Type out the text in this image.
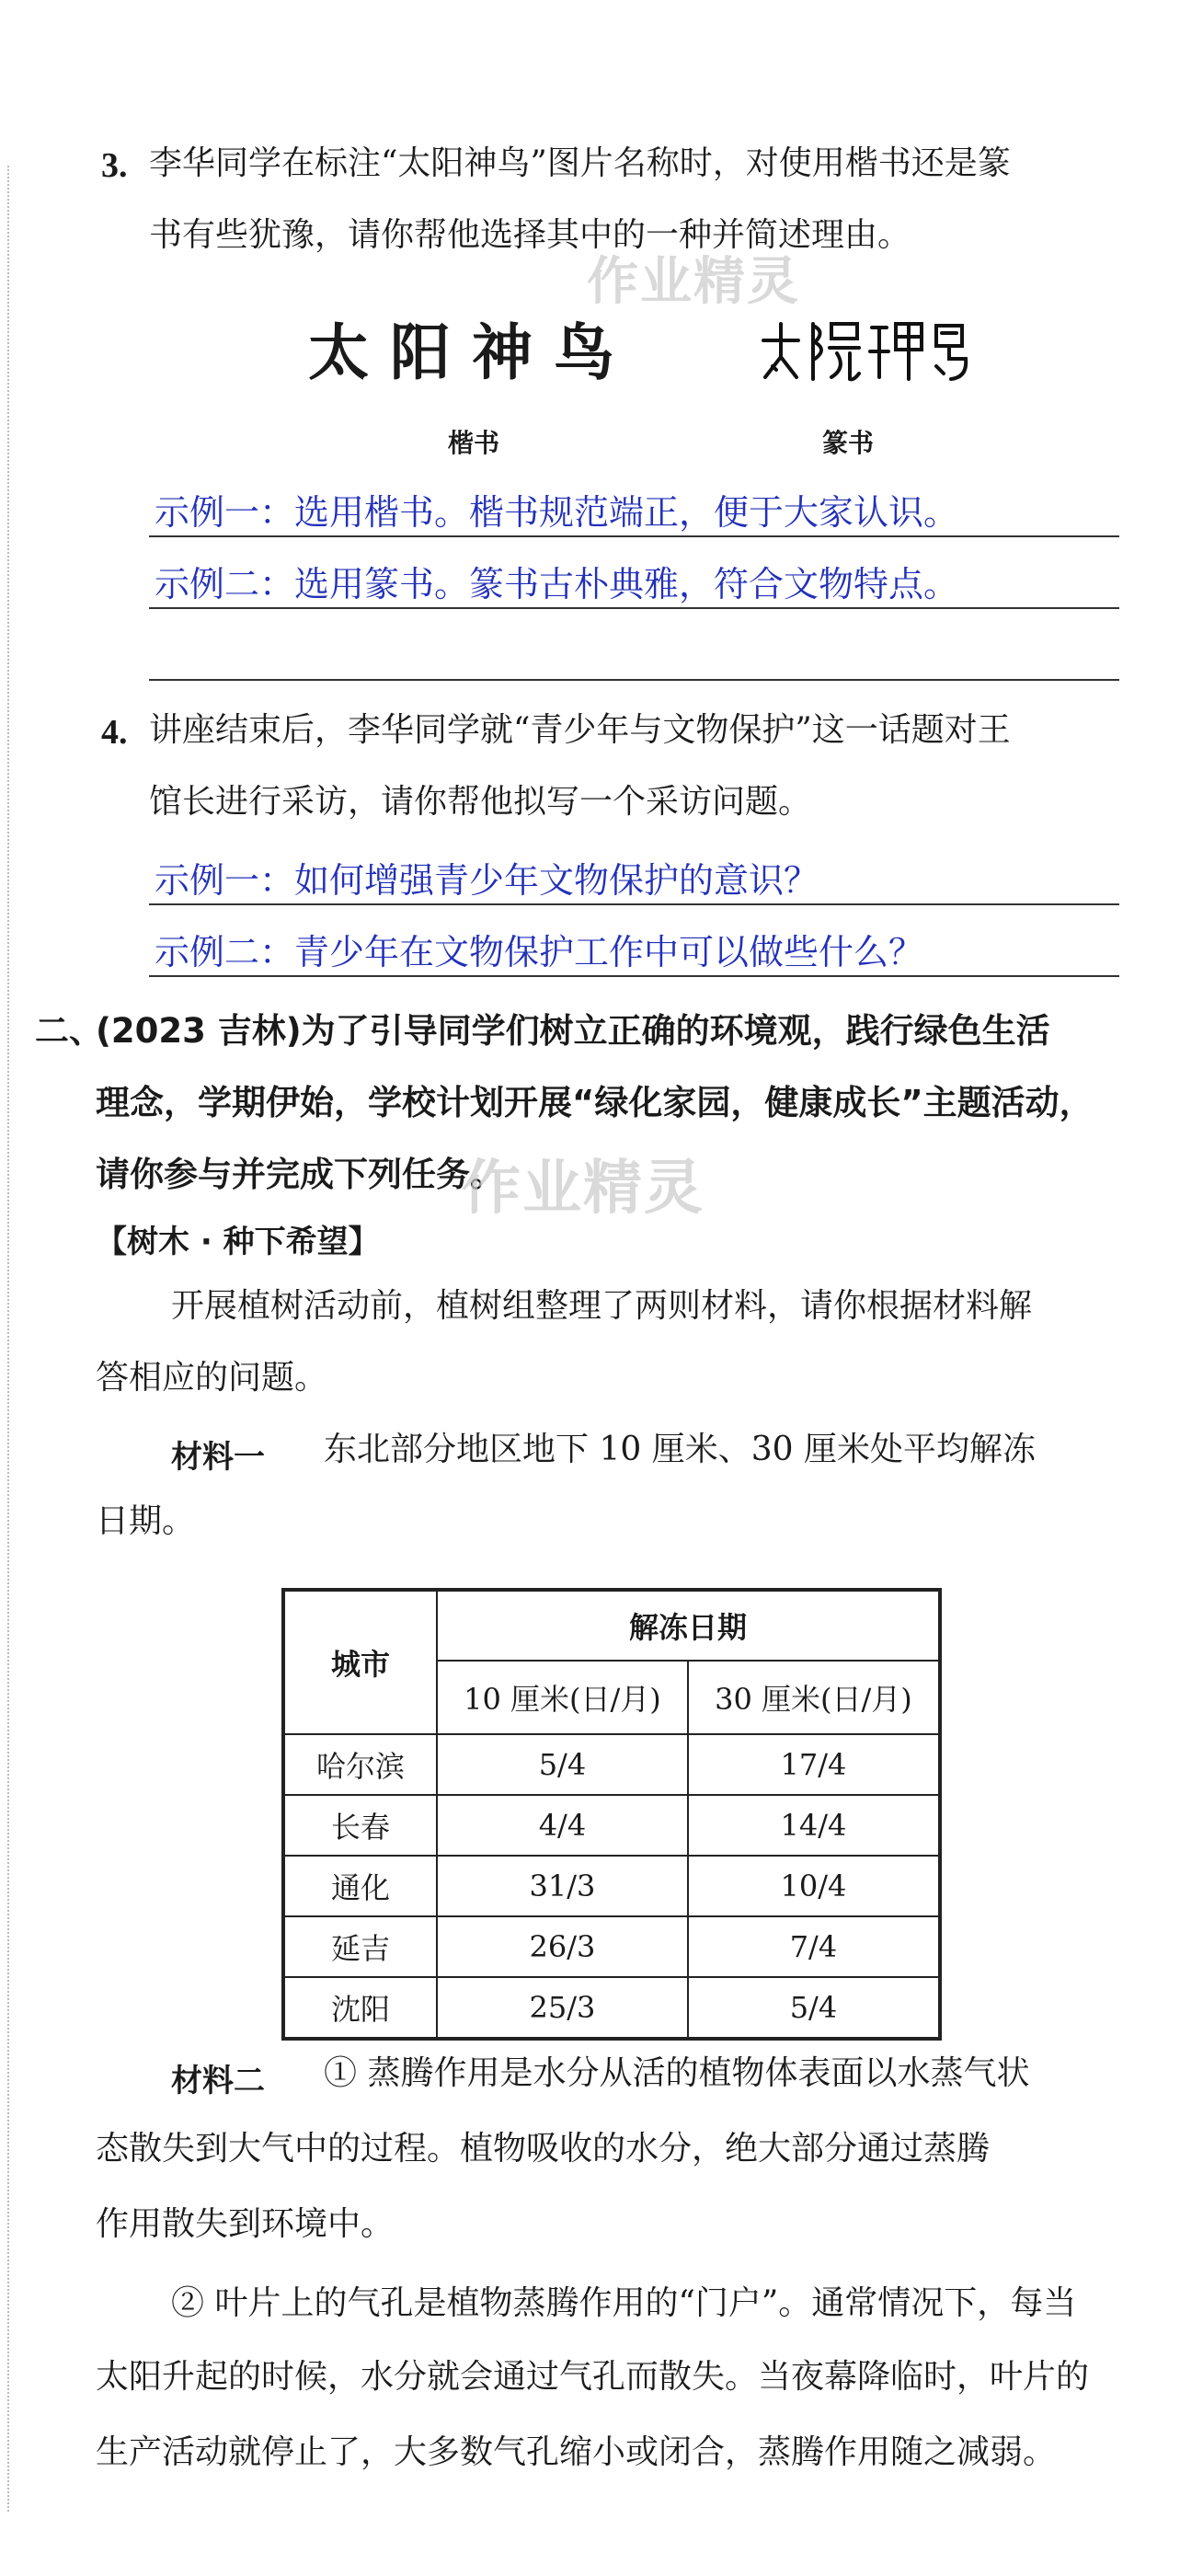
3. 李华同学在标注“太阳神鸟”图片名称时，对使用楷书还是篆
书有些犹豫，请你帮他选择其中的一种并简述理由。
作业精灵
太 阳 神 鸟
楷书	篆书
示例一：选用楷书。楷书规范端正，便于大家认识。
示例二：选用篆书。篆书古朴典雅，符合文物特点。
4. 讲座结束后，李华同学就“青少年与文物保护”这一话题对王
馆长进行采访，请你帮他拟写一个采访问题。
示例一：如何增强青少年文物保护的意识？
示例二：青少年在文物保护工作中可以做些什么？
二、
(2023 吉林)为了引导同学们树立正确的环境观，践行绿色生活
理念，学期伊始，学校计划开展“绿化家园，健康成长”主题活动，
请你参与并完成下列任务。
作业精灵
【树木 · 种下希望】
开展植树活动前，植树组整理了两则材料，请你根据材料解
答相应的问题。
材料一 东北部分地区地下 10 厘米、30 厘米处平均解冻
日期。
城市	解冻日期	
	10 厘米(日/月)	30 厘米(日/月)
哈尔滨	5/4	17/4
长春	4/4	14/4
通化	31/3	10/4
延吉	26/3	7/4
沈阳	25/3	5/4
材料二 ① 蒸腾作用是水分从活的植物体表面以水蒸气状
态散失到大气中的过程。植物吸收的水分，绝大部分通过蒸腾
作用散失到环境中。
② 叶片上的气孔是植物蒸腾作用的“门户”。通常情况下，每当
太阳升起的时候，水分就会通过气孔而散失。当夜幕降临时，叶片的
生产活动就停止了，大多数气孔缩小或闭合，蒸腾作用随之减弱。
